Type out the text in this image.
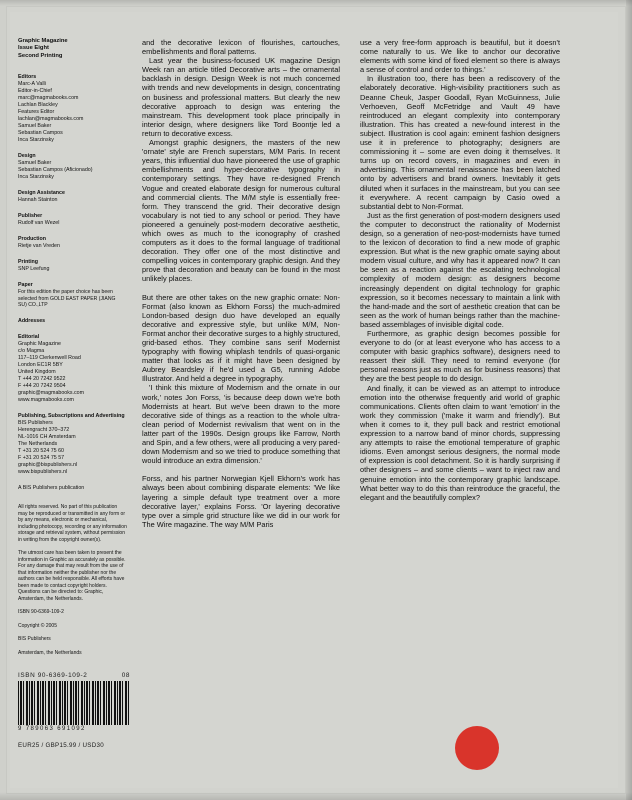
Graphic Magazine
Issue Eight
Second Printing
Editors
Marc-A Valli
Editor-in-Chief
marc@magmabooks.com
Lachlan Blackley
Features Editor
lachlan@magmabooks.com
Samuel Baker
Sebastian Campos
Inca Starzinsky
Design
Samuel Baker
Sebastian Campos (Aficionado)
Inca Starzinsky
Design Assistance
Hannah Stainton
Publisher
Rudolf van Wezel
Production
Rietje van Vreden
Printing
SNP Leefung
Paper
For this edition the paper choice has been
selected from GOLD EAST PAPER (JIANG
SU) CO.,LTP
Addresses
Editorial
Graphic Magazine
c/o Magma
117–119 Clerkenwell Road
London EC1R 5BY
United Kingdom
T +44 20 7242 9522
F +44 20 7242 9504
graphic@magmabooks.com
www.magmabooks.com
Publishing, Subscriptions and Advertising
BIS Publishers
Herengracht 370–372
NL-1016 CH Amsterdam
The Netherlands
T +31 20 524 75 60
F +31 20 524 75 57
graphic@bispublishers.nl
www.bispublishers.nl
A BIS Publishers publication

All rights reserved. No part of this publication may be reproduced or transmitted in any form or by any means, electronic or mechanical, including photocopy, recording or any information storage and retrieval system, without permission in writing from the copyright owner(s).

The utmost care has been taken to present the information in Graphic as accurately as possible. For any damage that may result from the use of that information neither the publisher nor the authors can be held responsible. All efforts have been made to contact copyright holders. Questions can be directed to: Graphic, Amsterdam, the Netherlands.

ISBN 90-6369-109-2

Copyright © 2005

BIS Publishers

Amsterdam, the Netherlands

ISBN 90-6369-109-2	08
9 789063 691092
EUR25 / GBP15.99 / USD30

and the decorative lexicon of flourishes, cartouches, embellishments and floral patterns.

Last year the business-focused UK magazine Design Week ran an article titled Decorative arts – the ornamental backlash in design. Design Week is not much concerned with trends and new developments in design, concentrating on business and professional matters. But clearly the new decorative approach to design was entering the mainstream. This development took place principally in interior design, where designers like Tord Boontje led a return to decorative excess.

Amongst graphic designers, the masters of the new 'ornate' style are French superstars, M/M Paris. In recent years, this influential duo have pioneered the use of graphic embellishments and hyper-decorative typography in contemporary settings. They have re-designed French Vogue and created elaborate design for numerous cultural and commercial clients. The M/M style is essentially free-form. They transcend the grid. Their decorative design vocabulary is not tied to any school or period. They have pioneered a genuinely post-modern decorative aesthetic, which owes as much to the iconography of crashed computers as it does to the formal language of traditional decoration. They offer one of the most distinctive and compelling voices in contemporary graphic design. And they prove that decoration and beauty can be found in the most unlikely places.

But there are other takes on the new graphic ornate: Non-Format (also known as Ekhorn Forss) the much-admired London-based design duo have developed an equally decorative and expressive style, but unlike M/M, Non-Format anchor their decorative surges to a highly structured, grid-based ethos. They combine sans serif Modernist typography with flowing whiplash tendrils of quasi-organic matter that looks as if it might have been designed by Aubrey Beardsley if he'd used a G5, running Adobe Illustrator. And held a degree in typography.

'I think this mixture of Modernism and the ornate in our work,' notes Jon Forss, 'is because deep down we're both Modernists at heart. But we've been drawn to the more decorative side of things as a reaction to the whole ultra-clean period of Modernist revivalism that went on in the latter part of the 1990s. Design groups like Farrow, North and Spin, and a few others, were all producing a very pared-down Modernism and so we tried to produce something that would introduce an extra dimension.'

Forss, and his partner Norwegian Kjell Ekhorn's work has always been about combining disparate elements: 'We like layering a simple default type treatment over a more decorative layer,' explains Forss. 'Or layering decorative type over a simple grid structure like we did in our work for The Wire magazine. The way M/M Paris

use a very free-form approach is beautiful, but it doesn't come naturally to us. We like to anchor our decorative elements with some kind of fixed element so there is always a sense of control and order to things.'

In illustration too, there has been a rediscovery of the elaborately decorative. High-visibility practitioners such as Deanne Cheuk, Jasper Goodall, Ryan McGuinness, Julie Verhoeven, Geoff McFetridge and Vault 49 have reintroduced an elegant complexity into contemporary illustration. This has created a new-found interest in the subject. Illustration is cool again: eminent fashion designers use it in preference to photography; designers are commissioning it – some are even doing it themselves. It turns up on record covers, in magazines and even in advertising. This ornamental renaissance has been latched onto by advertisers and brand owners. Inevitably it gets diluted when it surfaces in the mainstream, but you can see it everywhere. A recent campaign by Casio owed a substantial debt to Non-Format.

Just as the first generation of post-modern designers used the computer to deconstruct the rationality of Modernist design, so a generation of neo-post-modernists have turned to the lexicon of decoration to find a new mode of graphic expression. But what is the new graphic ornate saying about modern visual culture, and why has it appeared now? It can be seen as a reaction against the escalating technological complexity of modern design: as designers become increasingly dependent on digital technology for graphic expression, so it becomes necessary to maintain a link with the hand-made and the sort of aesthetic creation that can be seen as the work of human beings rather than the machine-based assemblages of invisible digital code.

Furthermore, as graphic design becomes possible for everyone to do (or at least everyone who has access to a computer with basic graphics software), designers need to reassert their skill. They need to remind everyone (for personal reasons just as much as for business reasons) that they are the best people to do design.

And finally, it can be viewed as an attempt to introduce emotion into the otherwise frequently arid world of graphic communications. Clients often claim to want 'emotion' in the work they commission ('make it warm and friendly'). But when it comes to it, they pull back and restrict emotional expression to a narrow band of minor chords, suppressing any attempts to raise the emotional temperature of graphic idioms. Even amongst serious designers, the normal mode of expression is cool detachment. So it is hardly surprising if other designers – and some clients – want to inject raw and genuine emotion into the contemporary graphic landscape. What better way to do this than reintroduce the graceful, the elegant and the beautifully complex?
